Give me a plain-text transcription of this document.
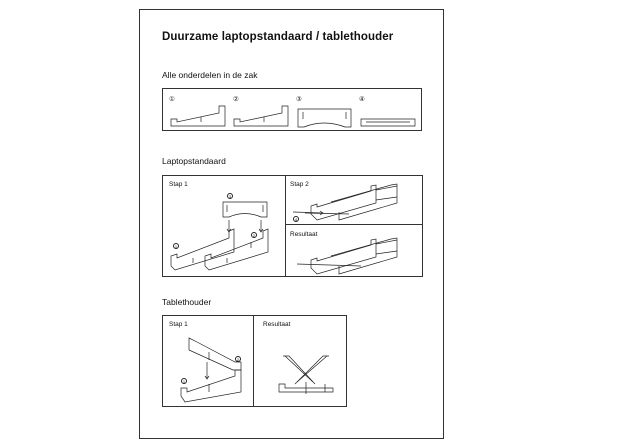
Duurzame laptopstandaard / tablethouder
Alle onderdelen in de zak
①	②	③	④
Laptopstandaard
Stap 1	Stap 2
Resultaat
3
1
2
4
Tablethouder
Stap 1	Resultaat
2
1
